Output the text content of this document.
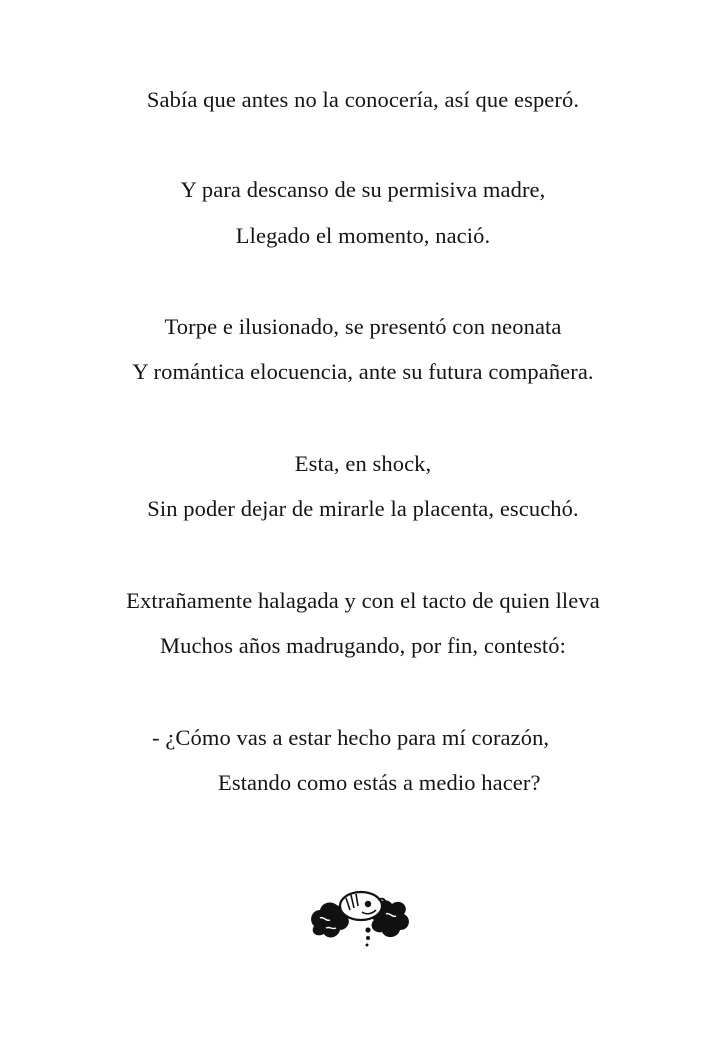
Sabía que antes no la conocería, así que esperó.
Y para descanso de su permisiva madre,
Llegado el momento, nació.
Torpe e ilusionado, se presentó con neonata
Y romántica elocuencia, ante su futura compañera.
Esta, en shock,
Sin poder dejar de mirarle la placenta, escuchó.
Extrañamente halagada y con el tacto de quien lleva
Muchos años madrugando, por fin, contestó:
- ¿Cómo vas a estar hecho para mí corazón,
Estando como estás a medio hacer?
